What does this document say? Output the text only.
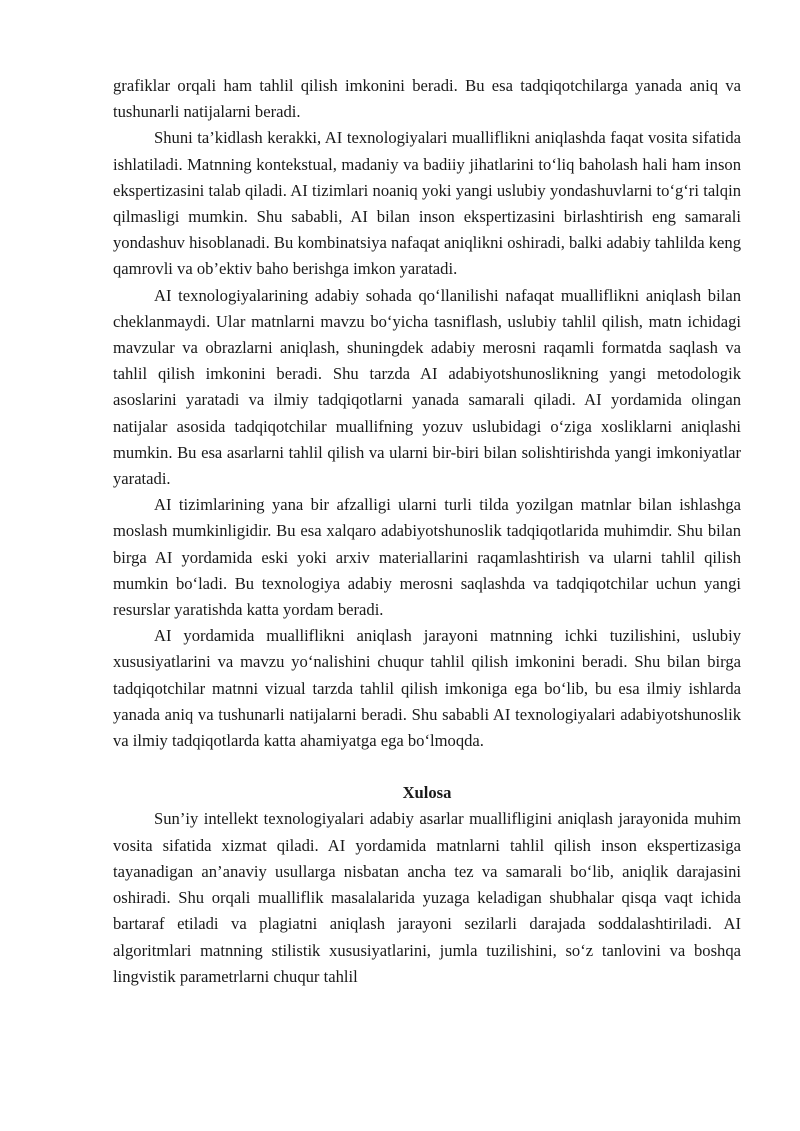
grafiklar orqali ham tahlil qilish imkonini beradi. Bu esa tadqiqotchilarga yanada aniq va tushunarli natijalarni beradi.

Shuni ta’kidlash kerakki, AI texnologiyalari mualliflikni aniqlashda faqat vosita sifatida ishlatiladi. Matnning kontekstual, madaniy va badiiy jihatlarini to‘liq baholash hali ham inson ekspertizasini talab qiladi. AI tizimlari noaniq yoki yangi uslubiy yondashuvlarni to‘g‘ri talqin qilmasligi mumkin. Shu sababli, AI bilan inson ekspertizasini birlashtirish eng samarali yondashuv hisoblanadi. Bu kombinatsiya nafaqat aniqlikni oshiradi, balki adabiy tahlilda keng qamrovli va ob’ektiv baho berishga imkon yaratadi.

AI texnologiyalarining adabiy sohada qo‘llanilishi nafaqat mualliflikni aniqlash bilan cheklanmaydi. Ular matnlarni mavzu bo‘yicha tasniflash, uslubiy tahlil qilish, matn ichidagi mavzular va obrazlarni aniqlash, shuningdek adabiy merosni raqamli formatda saqlash va tahlil qilish imkonini beradi. Shu tarzda AI adabiyotshunoslikning yangi metodologik asoslarini yaratadi va ilmiy tadqiqotlarni yanada samarali qiladi. AI yordamida olingan natijalar asosida tadqiqotchilar muallifning yozuv uslubidagi o‘ziga xosliklarni aniqlashi mumkin. Bu esa asarlarni tahlil qilish va ularni bir-biri bilan solishtirishda yangi imkoniyatlar yaratadi.

AI tizimlarining yana bir afzalligi ularni turli tilda yozilgan matnlar bilan ishlashga moslash mumkinligidir. Bu esa xalqaro adabiyotshunoslik tadqiqotlarida muhimdir. Shu bilan birga AI yordamida eski yoki arxiv materiallarini raqamlashtirish va ularni tahlil qilish mumkin bo‘ladi. Bu texnologiya adabiy merosni saqlashda va tadqiqotchilar uchun yangi resurslar yaratishda katta yordam beradi.

AI yordamida mualliflikni aniqlash jarayoni matnning ichki tuzilishini, uslubiy xususiyatlarini va mavzu yo‘nalishini chuqur tahlil qilish imkonini beradi. Shu bilan birga tadqiqotchilar matnni vizual tarzda tahlil qilish imkoniga ega bo‘lib, bu esa ilmiy ishlarda yanada aniq va tushunarli natijalarni beradi. Shu sababli AI texnologiyalari adabiyotshunoslik va ilmiy tadqiqotlarda katta ahamiyatga ega bo‘lmoqda.

Xulosa

Sun’iy intellekt texnologiyalari adabiy asarlar muallifligini aniqlash jarayonida muhim vosita sifatida xizmat qiladi. AI yordamida matnlarni tahlil qilish inson ekspertizasiga tayanadigan an’anaviy usullarga nisbatan ancha tez va samarali bo‘lib, aniqlik darajasini oshiradi. Shu orqali mualliflik masalalarida yuzaga keladigan shubhalar qisqa vaqt ichida bartaraf etiladi va plagiatni aniqlash jarayoni sezilarli darajada soddalashtiriladi. AI algoritmlari matnning stilistik xususiyatlarini, jumla tuzilishini, so‘z tanlovini va boshqa lingvistik parametrlarni chuqur tahlil
